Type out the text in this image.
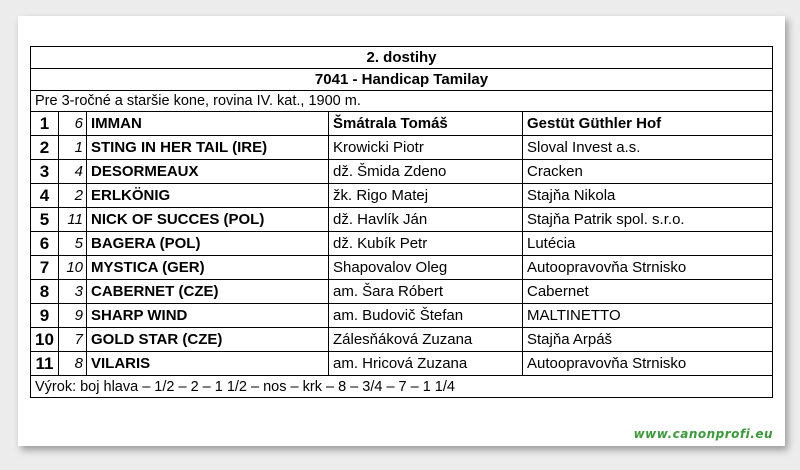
2. dostihy				
7041 - Handicap Tamilay				
Pre 3-ročné a staršie kone, rovina IV. kat., 1900 m.				
1	6	IMMAN	Šmátrala Tomáš	Gestüt Güthler Hof
2	1	STING IN HER TAIL (IRE)	Krowicki Piotr	Sloval Invest a.s.
3	4	DESORMEAUX	dž. Šmida Zdeno	Cracken
4	2	ERLKÖNIG	žk. Rigo Matej	Stajňa Nikola
5	11	NICK OF SUCCES (POL)	dž. Havlík Ján	Stajňa Patrik spol. s.r.o.
6	5	BAGERA (POL)	dž. Kubík Petr	Lutécia
7	10	MYSTICA (GER)	Shapovalov Oleg	Autoopravovňa Strnisko
8	3	CABERNET (CZE)	am. Šara Róbert	Cabernet
9	9	SHARP WIND	am. Budovič Štefan	MALTINETTO
10	7	GOLD STAR (CZE)	Zálesňáková Zuzana	Stajňa Arpáš
11	8	VILARIS	am. Hricová Zuzana	Autoopravovňa Strnisko
Výrok: boj hlava – 1/2 – 2 – 1 1/2 – nos – krk – 8 – 3/4 – 7 – 1 1/4				
www.canonprofi.eu
